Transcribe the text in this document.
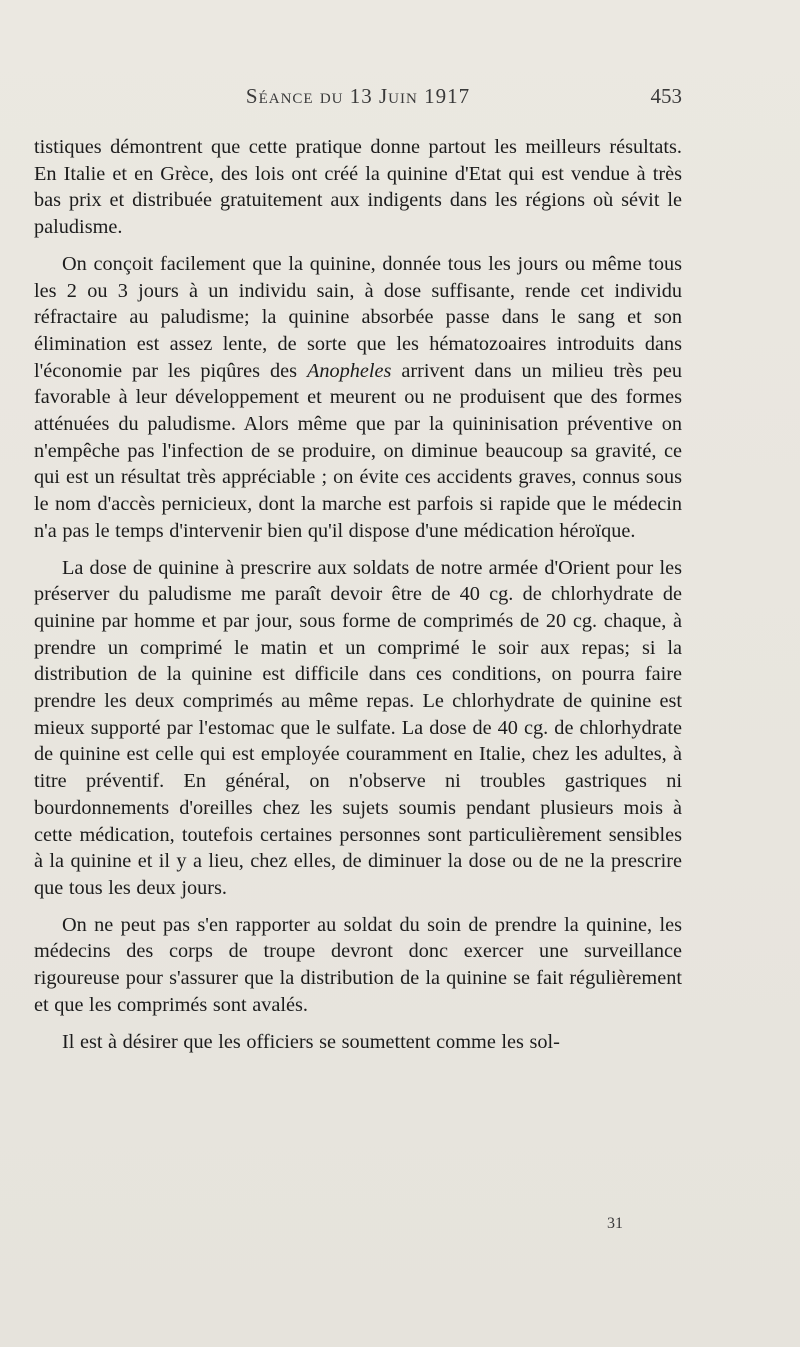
Séance du 13 Juin 1917	453

tistiques démontrent que cette pratique donne partout les meilleurs résultats. En Italie et en Grèce, des lois ont créé la quinine d'Etat qui est vendue à très bas prix et distribuée gratuitement aux indigents dans les régions où sévit le paludisme.

On conçoit facilement que la quinine, donnée tous les jours ou même tous les 2 ou 3 jours à un individu sain, à dose suffisante, rende cet individu réfractaire au paludisme; la quinine absorbée passe dans le sang et son élimination est assez lente, de sorte que les hématozoaires introduits dans l'économie par les piqûres des Anopheles arrivent dans un milieu très peu favorable à leur développement et meurent ou ne produisent que des formes atténuées du paludisme. Alors même que par la quininisation préventive on n'empêche pas l'infection de se produire, on diminue beaucoup sa gravité, ce qui est un résultat très appréciable ; on évite ces accidents graves, connus sous le nom d'accès pernicieux, dont la marche est parfois si rapide que le médecin n'a pas le temps d'intervenir bien qu'il dispose d'une médication héroïque.

La dose de quinine à prescrire aux soldats de notre armée d'Orient pour les préserver du paludisme me paraît devoir être de 40 cg. de chlorhydrate de quinine par homme et par jour, sous forme de comprimés de 20 cg. chaque, à prendre un comprimé le matin et un comprimé le soir aux repas; si la distribution de la quinine est difficile dans ces conditions, on pourra faire prendre les deux comprimés au même repas. Le chlorhydrate de quinine est mieux supporté par l'estomac que le sulfate. La dose de 40 cg. de chlorhydrate de quinine est celle qui est employée couramment en Italie, chez les adultes, à titre préventif. En général, on n'observe ni troubles gastriques ni bourdonnements d'oreilles chez les sujets soumis pendant plusieurs mois à cette médication, toutefois certaines personnes sont particulièrement sensibles à la quinine et il y a lieu, chez elles, de diminuer la dose ou de ne la prescrire que tous les deux jours.

On ne peut pas s'en rapporter au soldat du soin de prendre la quinine, les médecins des corps de troupe devront donc exercer une surveillance rigoureuse pour s'assurer que la distribution de la quinine se fait régulièrement et que les comprimés sont avalés.

Il est à désirer que les officiers se soumettent comme les sol-

31
